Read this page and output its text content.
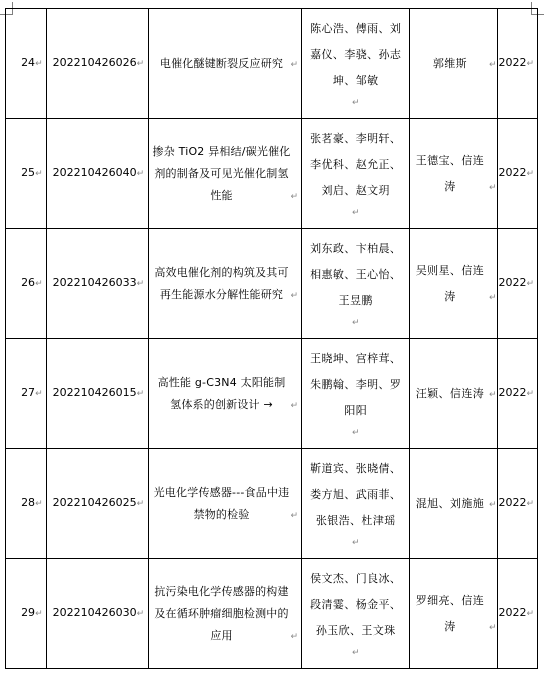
24↵	202210426026↵	电催化醚键断裂反应研究 ↵	陈心浩、傅雨、刘嘉仪、李骁、孙志坤、邹敏↵	郭维斯 ↵	2022↵
25↵	202210426040↵	掺杂 TiO2 异相结/碳光催化剂的制备及可见光催化制氢性能 ↵	张茗豪、李明轩、李优科、赵允正、刘启、赵文玥↵	王德宝、信连涛 ↵	2022↵
26↵	202210426033↵	高效电催化剂的构筑及其可再生能源水分解性能研究 ↵	刘东政、卞柏晨、相惠敏、王心怡、王昱鹏↵	吴则星、信连涛 ↵	2022↵
27↵	202210426015↵	高性能 g-C3N4 太阳能制氢体系的创新设计 → ↵	王晓坤、宫梓茸、朱鹏翰、李明、罗阳阳↵	汪颖、信连涛 ↵	2022↵
28↵	202210426025↵	光电化学传感器---食品中违禁物的检验 ↵	靳道宾、张晓倩、娄方旭、武雨菲、张银浩、杜津瑶↵	混旭、刘施施 ↵	2022↵
29↵	202210426030↵	抗污染电化学传感器的构建及在循环肿瘤细胞检测中的应用 ↵	侯文杰、门良冰、段清霎、杨金平、孙玉欣、王文珠↵	罗细亮、信连涛 ↵	2022↵
